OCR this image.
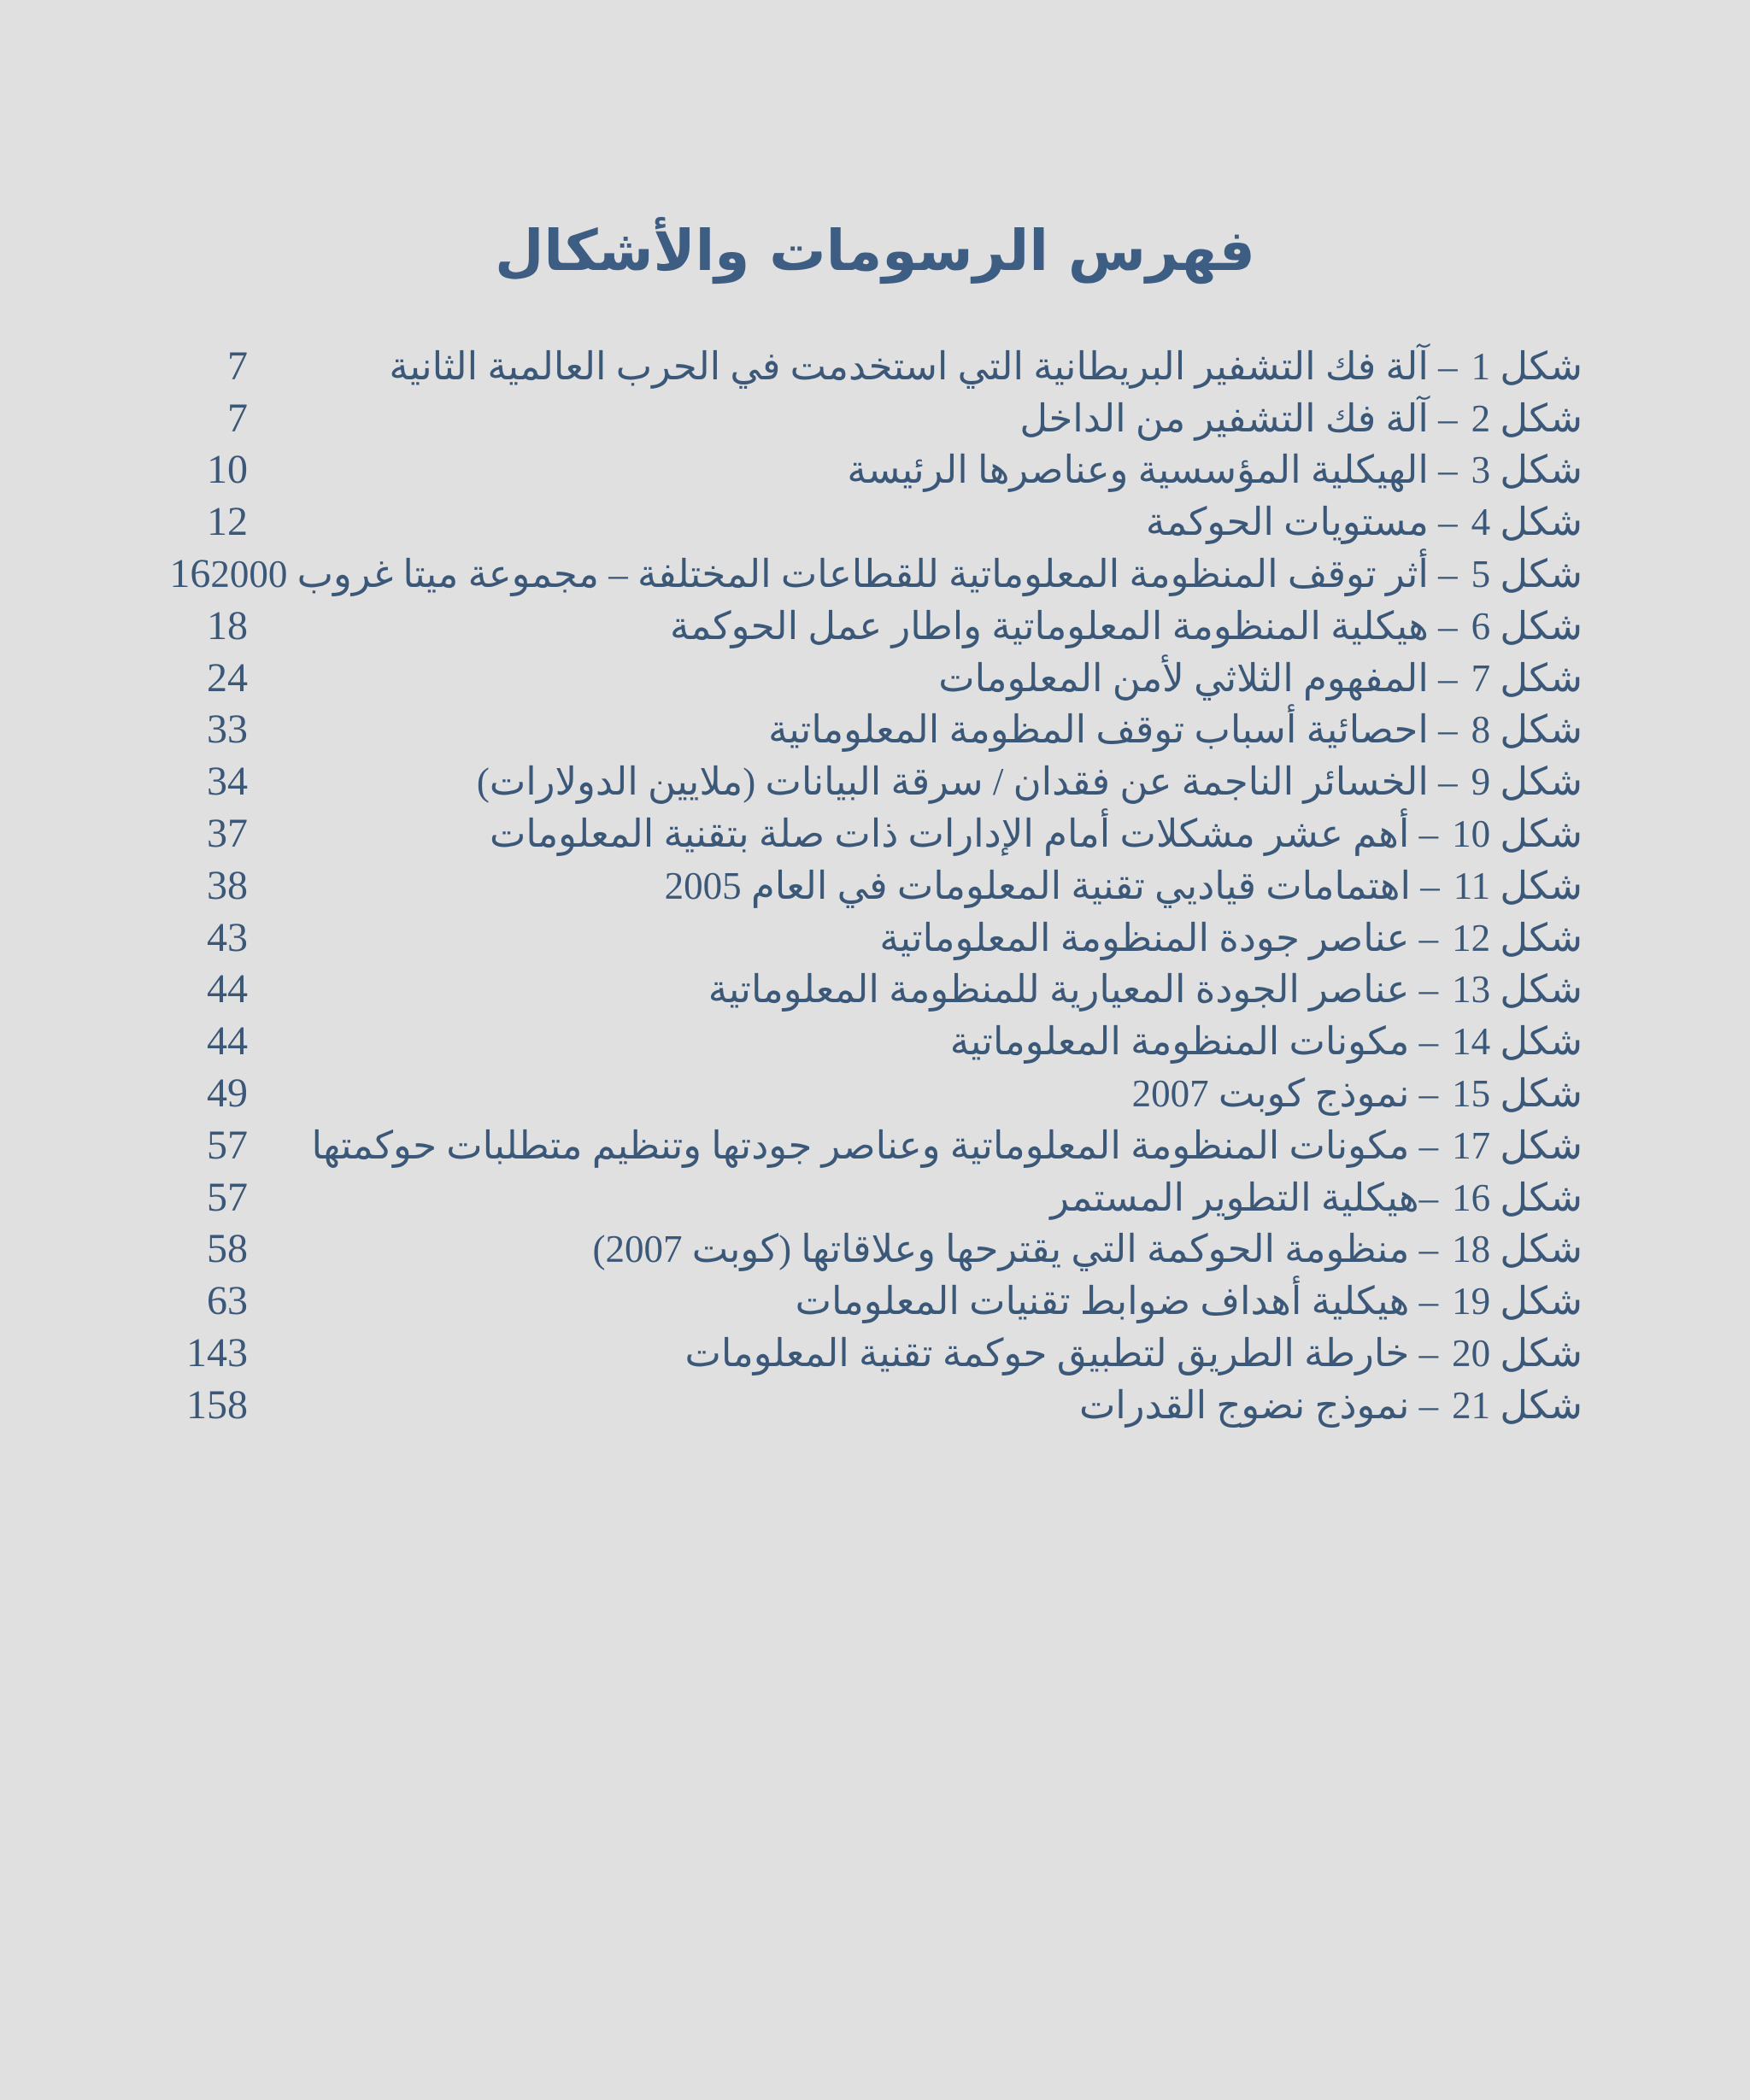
فهرس الرسومات والأشكال
شكل 1
– آلة فك التشفير البريطانية التي استخدمت في الحرب العالمية الثانية
7
شكل 2
– آلة فك التشفير من الداخل
7
شكل 3
– الهيكلية المؤسسية وعناصرها الرئيسة
10
شكل 4
– مستويات الحوكمة
12
شكل 5
– أثر توقف المنظومة المعلوماتية للقطاعات المختلفة – مجموعة ميتا غروب 2000
16
شكل 6
– هيكلية المنظومة المعلوماتية واطار عمل الحوكمة
18
شكل 7
– المفهوم الثلاثي لأمن المعلومات
24
شكل 8
– احصائية أسباب توقف المظومة المعلوماتية
33
شكل 9
– الخسائر الناجمة عن فقدان / سرقة البيانات (ملايين الدولارات)
34
شكل 10
– أهم عشر مشكلات أمام الإدارات ذات صلة بتقنية المعلومات
37
شكل 11
– اهتمامات قياديي تقنية المعلومات في العام 2005
38
شكل 12
– عناصر جودة المنظومة المعلوماتية
43
شكل 13
– عناصر الجودة المعيارية للمنظومة المعلوماتية
44
شكل 14
– مكونات المنظومة المعلوماتية
44
شكل 15
– نموذج كوبت 2007
49
شكل 17
– مكونات المنظومة المعلوماتية وعناصر جودتها وتنظيم متطلبات حوكمتها
57
شكل 16
–هيكلية التطوير المستمر
57
شكل 18
– منظومة الحوكمة التي يقترحها وعلاقاتها (كوبت 2007)
58
شكل 19
– هيكلية أهداف ضوابط تقنيات المعلومات
63
شكل 20
– خارطة الطريق لتطبيق حوكمة تقنية المعلومات
143
شكل 21
– نموذج نضوج القدرات
158
